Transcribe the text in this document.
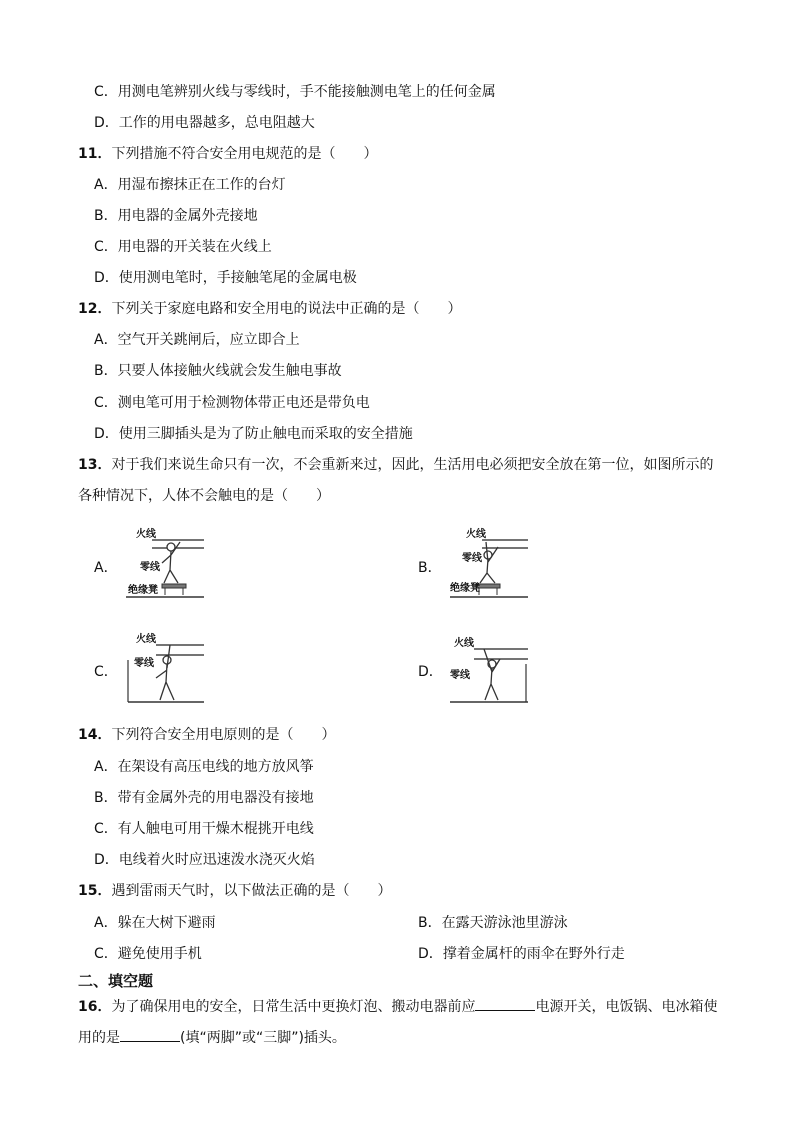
C．用测电笔辨别火线与零线时，手不能接触测电笔上的任何金属
D．工作的用电器越多，总电阻越大
11．下列措施不符合安全用电规范的是（　　）
A．用湿布擦抹正在工作的台灯
B．用电器的金属外壳接地
C．用电器的开关装在火线上
D．使用测电笔时，手接触笔尾的金属电极
12．下列关于家庭电路和安全用电的说法中正确的是（　　）
A．空气开关跳闸后，应立即合上
B．只要人体接触火线就会发生触电事故
C．测电笔可用于检测物体带正电还是带负电
D．使用三脚插头是为了防止触电而采取的安全措施
13．对于我们来说生命只有一次，不会重新来过，因此，生活用电必须把安全放在第一位，如图所示的
各种情况下，人体不会触电的是（　　）
A．
火线
零线
绝缘凳
B．
火线
零线
绝缘凳
C．
火线
零线
D．
火线
零线
14．下列符合安全用电原则的是（　　）
A．在架设有高压电线的地方放风筝
B．带有金属外壳的用电器没有接地
C．有人触电可用干燥木棍挑开电线
D．电线着火时应迅速泼水浇灭火焰
15．遇到雷雨天气时，以下做法正确的是（　　）
A．躲在大树下避雨	B．在露天游泳池里游泳
C．避免使用手机	D．撑着金属杆的雨伞在野外行走
二、填空题
16．为了确保用电的安全，日常生活中更换灯泡、搬动电器前应	电源开关，电饭锅、电冰箱使
用的是	(填“两脚”或“三脚”)插头。
